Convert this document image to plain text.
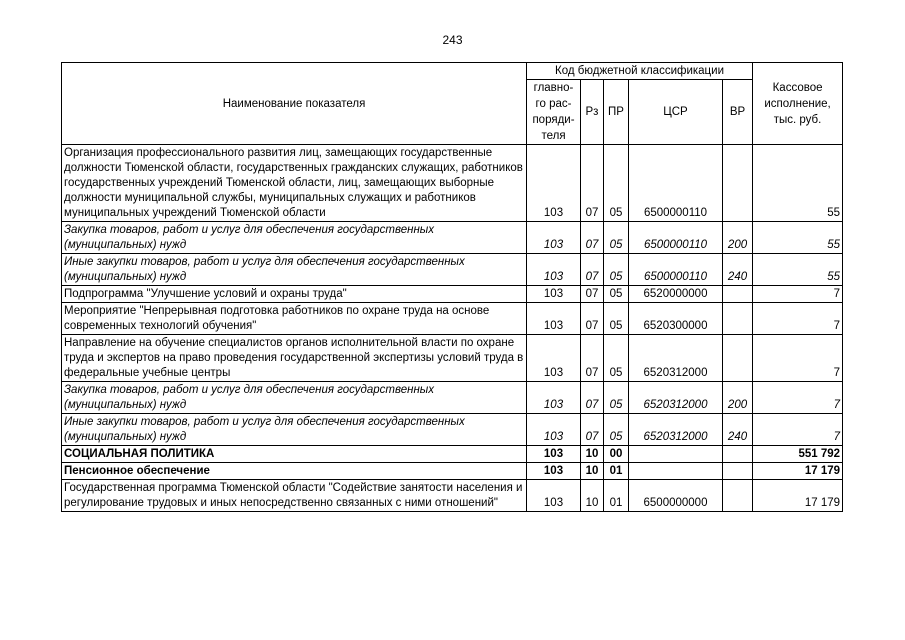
243
Наименование показателя	Код бюджетной классификации					Кассовое исполнение, тыс. руб.
	главно-го рас-поряди-теля	Рз	ПР	ЦСР	ВР	
Организация профессионального развития лиц, замещающих государственные должности Тюменской области, государственных гражданских служащих, работников государственных учреждений Тюменской области, лиц, замещающих выборные должности муниципальной службы, муниципальных служащих и работников муниципальных учреждений Тюменской области	103	07	05	6500000110		55
Закупка товаров, работ и услуг для обеспечения государственных (муниципальных) нужд	103	07	05	6500000110	200	55
Иные закупки товаров, работ и услуг для обеспечения государственных (муниципальных) нужд	103	07	05	6500000110	240	55
Подпрограмма "Улучшение условий и охраны труда"	103	07	05	6520000000		7
Мероприятие "Непрерывная подготовка работников по охране труда на основе современных технологий обучения"	103	07	05	6520300000		7
Направление на обучение специалистов органов исполнительной власти по охране труда и экспертов на право проведения государственной экспертизы условий труда в федеральные учебные центры	103	07	05	6520312000		7
Закупка товаров, работ и услуг для обеспечения государственных (муниципальных) нужд	103	07	05	6520312000	200	7
Иные закупки товаров, работ и услуг для обеспечения государственных (муниципальных) нужд	103	07	05	6520312000	240	7
СОЦИАЛЬНАЯ ПОЛИТИКА	103	10	00			551 792
Пенсионное обеспечение	103	10	01			17 179
Государственная программа Тюменской области "Содействие занятости населения и регулирование трудовых и иных непосредственно связанных с ними отношений"	103	10	01	6500000000		17 179
